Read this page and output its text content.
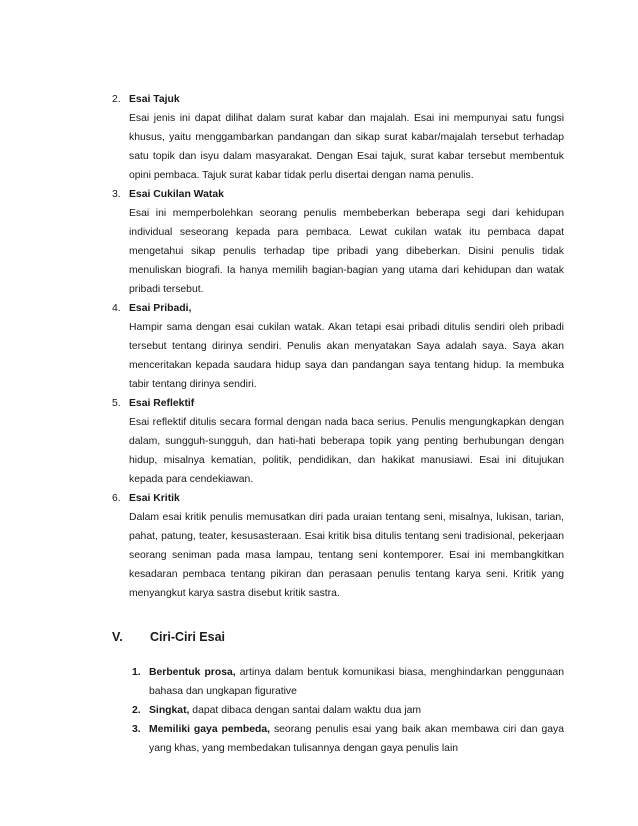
2. Esai Tajuk
Esai jenis ini dapat dilihat dalam surat kabar dan majalah. Esai ini mempunyai satu fungsi khusus, yaitu menggambarkan pandangan dan sikap surat kabar/majalah tersebut terhadap satu topik dan isyu dalam masyarakat. Dengan Esai tajuk, surat kabar tersebut membentuk opini pembaca. Tajuk surat kabar tidak perlu disertai dengan nama penulis.
3. Esai Cukilan Watak
Esai ini memperbolehkan seorang penulis membeberkan beberapa segi dari kehidupan individual seseorang kepada para pembaca. Lewat cukilan watak itu pembaca dapat mengetahui sikap penulis terhadap tipe pribadi yang dibeberkan. Disini penulis tidak menuliskan biografi. Ia hanya memilih bagian-bagian yang utama dari kehidupan dan watak pribadi tersebut.
4. Esai Pribadi,
Hampir sama dengan esai cukilan watak. Akan tetapi esai pribadi ditulis sendiri oleh pribadi tersebut tentang dirinya sendiri. Penulis akan menyatakan Saya adalah saya. Saya akan menceritakan kepada saudara hidup saya dan pandangan saya tentang hidup. Ia membuka tabir tentang dirinya sendiri.
5. Esai Reflektif
Esai reflektif ditulis secara formal dengan nada baca serius. Penulis mengungkapkan dengan dalam, sungguh-sungguh, dan hati-hati beberapa topik yang penting berhubungan dengan hidup, misalnya kematian, politik, pendidikan, dan hakikat manusiawi. Esai ini ditujukan kepada para cendekiawan.
6. Esai Kritik
Dalam esai kritik penulis memusatkan diri pada uraian tentang seni, misalnya, lukisan, tarian, pahat, patung, teater, kesusasteraan. Esai kritik bisa ditulis tentang seni tradisional, pekerjaan seorang seniman pada masa lampau, tentang seni kontemporer. Esai ini membangkitkan kesadaran pembaca tentang pikiran dan perasaan penulis tentang karya seni. Kritik yang menyangkut karya sastra disebut kritik sastra.
V. Ciri-Ciri Esai
1. Berbentuk prosa, artinya dalam bentuk komunikasi biasa, menghindarkan penggunaan bahasa dan ungkapan figurative
2. Singkat, dapat dibaca dengan santai dalam waktu dua jam
3. Memiliki gaya pembeda, seorang penulis esai yang baik akan membawa ciri dan gaya yang khas, yang membedakan tulisannya dengan gaya penulis lain
